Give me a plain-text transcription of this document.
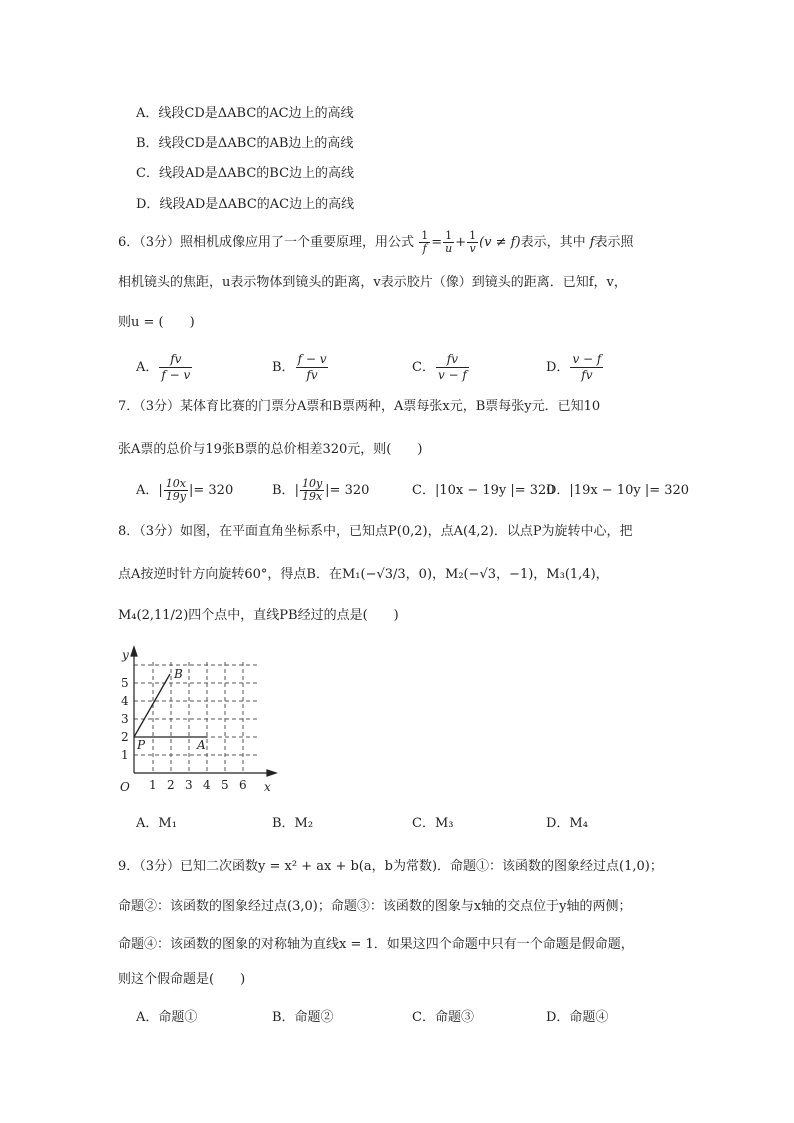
A．线段CD是ΔABC的AC边上的高线
B．线段CD是ΔABC的AB边上的高线
C．线段AD是ΔABC的BC边上的高线
D．线段AD是ΔABC的AC边上的高线
6．（3分）照相机成像应用了一个重要原理，用公式 $\frac{1}{f} = \frac{1}{u} + \frac{1}{v} (v \ne f)$表示，其中 f表示照
相机镜头的焦距，u表示物体到镜头的距离，v表示胶片（像）到镜头的距离．已知f，v，
则u = (　　)
A． $\frac{fv}{f - v}$	B． $\frac{f - v}{fv}$	C． $\frac{fv}{v - f}$	D． $\frac{v - f}{fv}$
7．（3分）某体育比赛的门票分A票和B票两种，A票每张x元，B票每张y元．已知10
张A票的总价与19张B票的总价相差320元，则(　　)
A．| $\frac{10x}{19y}$ |= 320	B．| $\frac{10y}{19x}$ |= 320	C．|10x − 19y |= 320
D．|19x − 10y |= 320
8．（3分）如图，在平面直角坐标系中，已知点P(0,2)，点A(4,2)．以点P为旋转中心，把
点A按逆时针方向旋转60°，得点B．在M₁(−√3/3，0)，M₂(−√3，−1)，M₃(1,4)，
M₄(2,11/2)四个点中，直线PB经过的点是(　　)
y
x
O 1 2 3 4 5 6
1
2
3
4
5
P	A
B
A．M₁	B．M₂	C．M₃	D．M₄
9．（3分）已知二次函数y = x² + ax + b(a，b为常数)．命题①：该函数的图象经过点(1,0)；
命题②：该函数的图象经过点(3,0)；命题③：该函数的图象与x轴的交点位于y轴的两侧；
命题④：该函数的图象的对称轴为直线x = 1．如果这四个命题中只有一个命题是假命题，
则这个假命题是(　　)
A．命题①	B．命题②	C．命题③	D．命题④
